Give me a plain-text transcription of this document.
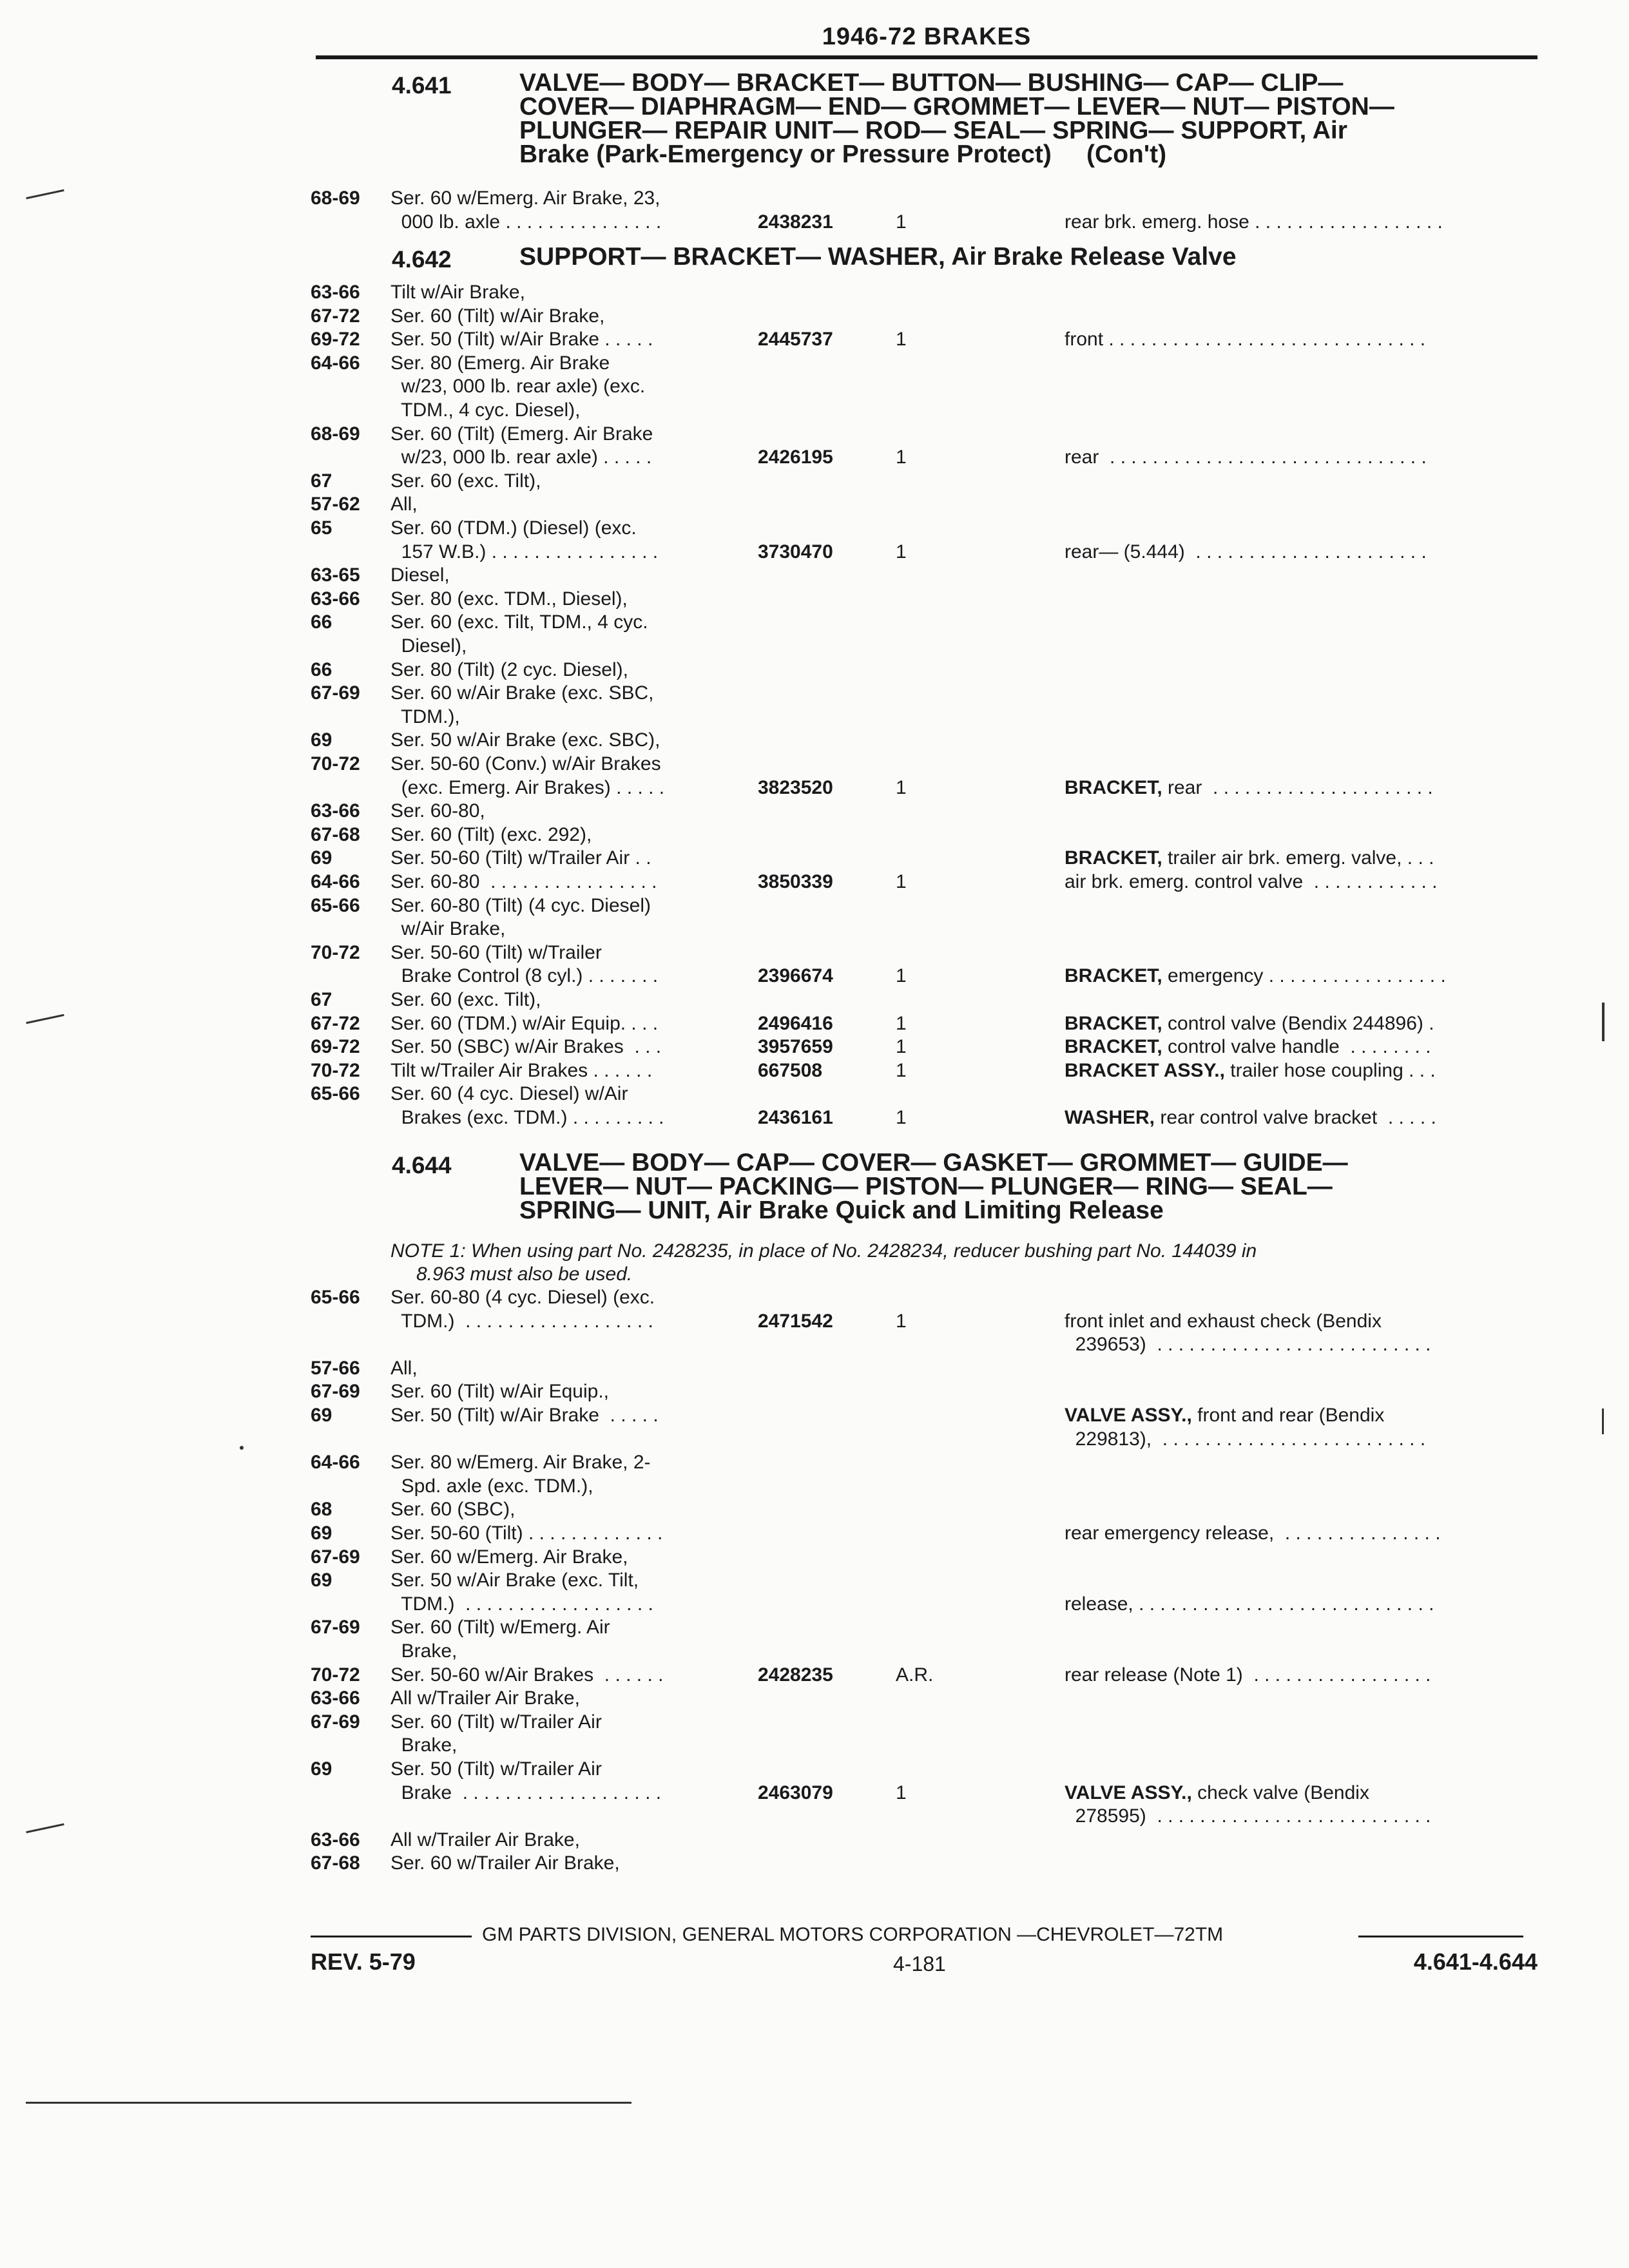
1946-72 BRAKES
4.641	VALVE— BODY— BRACKET— BUTTON— BUSHING— CAP— CLIP—
COVER— DIAPHRAGM— END— GROMMET— LEVER— NUT— PISTON—
PLUNGER— REPAIR UNIT— ROD— SEAL— SPRING— SUPPORT, Air
Brake (Park-Emergency or Pressure Protect)     (Con't)
68-69 Ser. 60 w/Emerg. Air Brake, 23,
000 lb. axle . . . . . . . . . . . . . . .	2438231	1	rear brk. emerg. hose . . . . . . . . . . . . . . . . . .
4.642	SUPPORT— BRACKET— WASHER, Air Brake Release Valve
63-66 Tilt w/Air Brake,
67-72 Ser. 60 (Tilt) w/Air Brake,
69-72 Ser. 50 (Tilt) w/Air Brake . . . . .	2445737	1	front . . . . . . . . . . . . . . . . . . . . . . . . . . . . . .
64-66 Ser. 80 (Emerg. Air Brake
w/23, 000 lb. rear axle) (exc.
TDM., 4 cyc. Diesel),
68-69 Ser. 60 (Tilt) (Emerg. Air Brake
w/23, 000 lb. rear axle) . . . . .	2426195	1	rear  . . . . . . . . . . . . . . . . . . . . . . . . . . . . . .
67	Ser. 60 (exc. Tilt),
57-62 All,
65	Ser. 60 (TDM.) (Diesel) (exc.
157 W.B.) . . . . . . . . . . . . . . . .	3730470	1	rear— (5.444)  . . . . . . . . . . . . . . . . . . . . . .
63-65 Diesel,
63-66 Ser. 80 (exc. TDM., Diesel),
66	Ser. 60 (exc. Tilt, TDM., 4 cyc.
Diesel),
66	Ser. 80 (Tilt) (2 cyc. Diesel),
67-69 Ser. 60 w/Air Brake (exc. SBC,
TDM.),
69	Ser. 50 w/Air Brake (exc. SBC),
70-72 Ser. 50-60 (Conv.) w/Air Brakes
(exc. Emerg. Air Brakes) . . . . .	3823520	1	BRACKET, rear  . . . . . . . . . . . . . . . . . . . . .
63-66 Ser. 60-80,
67-68 Ser. 60 (Tilt) (exc. 292),
69	Ser. 50-60 (Tilt) w/Trailer Air . .	BRACKET, trailer air brk. emerg. valve, . . .
64-66 Ser. 60-80  . . . . . . . . . . . . . . . .	3850339	1	air brk. emerg. control valve  . . . . . . . . . . . .
65-66 Ser. 60-80 (Tilt) (4 cyc. Diesel)
w/Air Brake,
70-72 Ser. 50-60 (Tilt) w/Trailer
Brake Control (8 cyl.) . . . . . . .	2396674	1	BRACKET, emergency . . . . . . . . . . . . . . . . .
67	Ser. 60 (exc. Tilt),
67-72 Ser. 60 (TDM.) w/Air Equip. . . .	2496416	1	BRACKET, control valve (Bendix 244896) .
69-72 Ser. 50 (SBC) w/Air Brakes  . . .	3957659	1	BRACKET, control valve handle  . . . . . . . .
70-72 Tilt w/Trailer Air Brakes . . . . . .	667508	1	BRACKET ASSY., trailer hose coupling . . .
65-66 Ser. 60 (4 cyc. Diesel) w/Air
Brakes (exc. TDM.) . . . . . . . . .	2436161	1	WASHER, rear control valve bracket  . . . . .
4.644	VALVE— BODY— CAP— COVER— GASKET— GROMMET— GUIDE—
LEVER— NUT— PACKING— PISTON— PLUNGER— RING— SEAL—
SPRING— UNIT, Air Brake Quick and Limiting Release
NOTE 1: When using part No. 2428235, in place of No. 2428234, reducer bushing part No. 144039 in
8.963 must also be used.
65-66 Ser. 60-80 (4 cyc. Diesel) (exc.
TDM.)  . . . . . . . . . . . . . . . . . .	2471542	1	front inlet and exhaust check (Bendix
239653)  . . . . . . . . . . . . . . . . . . . . . . . . . .
57-66 All,
67-69 Ser. 60 (Tilt) w/Air Equip.,
69	Ser. 50 (Tilt) w/Air Brake  . . . . .	VALVE ASSY., front and rear (Bendix
229813),  . . . . . . . . . . . . . . . . . . . . . . . . .
64-66 Ser. 80 w/Emerg. Air Brake, 2-
Spd. axle (exc. TDM.),
68	Ser. 60 (SBC),
69	Ser. 50-60 (Tilt) . . . . . . . . . . . . .	rear emergency release,  . . . . . . . . . . . . . . .
67-69 Ser. 60 w/Emerg. Air Brake,
69	Ser. 50 w/Air Brake (exc. Tilt,
TDM.)  . . . . . . . . . . . . . . . . . .	release, . . . . . . . . . . . . . . . . . . . . . . . . . . . .
67-69 Ser. 60 (Tilt) w/Emerg. Air
Brake,
70-72 Ser. 50-60 w/Air Brakes  . . . . . .	2428235	A.R.	rear release (Note 1)  . . . . . . . . . . . . . . . . .
63-66 All w/Trailer Air Brake,
67-69 Ser. 60 (Tilt) w/Trailer Air
Brake,
69	Ser. 50 (Tilt) w/Trailer Air
Brake  . . . . . . . . . . . . . . . . . . .	2463079	1	VALVE ASSY., check valve (Bendix
278595)  . . . . . . . . . . . . . . . . . . . . . . . . . .
63-66 All w/Trailer Air Brake,
67-68 Ser. 60 w/Trailer Air Brake,
GM PARTS DIVISION, GENERAL MOTORS CORPORATION —CHEVROLET—72TM
REV. 5-79	4-181	4.641-4.644
